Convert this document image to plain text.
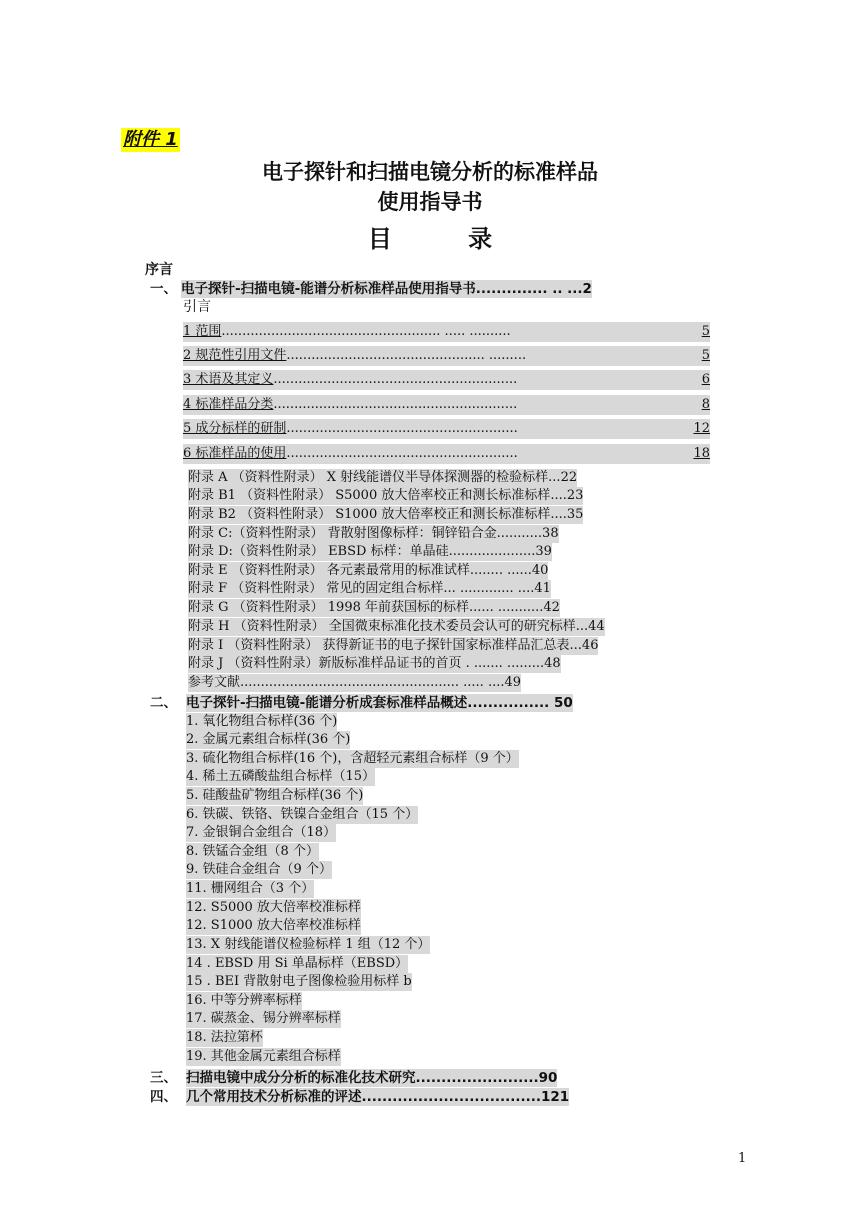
附件 1
电子探针和扫描电镜分析的标准样品
使用指导书
目 录
序言
一、 电子探针-扫描电镜-能谱分析标准样品使用指导书.............. .. ...2
引言
1 范围..................................................... ..... ..........	5
2 规范性引用文件................................................ .........	5
3 术语及其定义...........................................................	6
4 标准样品分类...........................................................	8
5 成分标样的研制........................................................	12
6 标准样品的使用........................................................	18
附录 A （资料性附录） X 射线能谱仪半导体探测器的检验标样...22
附录 B1 （资料性附录） S5000 放大倍率校正和测长标准标样....23
附录 B2 （资料性附录） S1000 放大倍率校正和测长标准标样....35
附录 C:（资料性附录） 背散射图像标样：铜锌铅合金...........38
附录 D:（资料性附录） EBSD 标样：单晶硅.....................39
附录 E （资料性附录） 各元素最常用的标准试样........ ......40
附录 F （资料性附录） 常见的固定组合标样... ............. ....41
附录 G （资料性附录） 1998 年前获国标的标样...... ...........42
附录 H （资料性附录） 全国微束标准化技术委员会认可的研究标样...44
附录 I （资料性附录） 获得新证书的电子探针国家标准样品汇总表...46
附录 J （资料性附录）新版标准样品证书的首页 . ....... .........48
参考文献..................................................... ..... ....49
二、 电子探针-扫描电镜-能谱分析成套标准样品概述................ 50
1. 氧化物组合标样(36 个)
2. 金属元素组合标样(36 个)
3. 硫化物组合标样(16 个)，含超轻元素组合标样（9 个）
4. 稀土五磷酸盐组合标样（15）
5. 硅酸盐矿物组合标样(36 个)
6. 铁碳、铁铬、铁镍合金组合（15 个）
7. 金银铜合金组合（18）
8. 铁锰合金组（8 个）
9. 铁硅合金组合（9 个）
11. 栅网组合（3 个）
12. S5000 放大倍率校准标样
12. S1000 放大倍率校准标样
13. X 射线能谱仪检验标样 1 组（12 个）
14 . EBSD 用 Si 单晶标样（EBSD）
15 . BEI 背散射电子图像检验用标样 b
16. 中等分辨率标样
17. 碳蒸金、锡分辨率标样
18. 法拉第杯
19. 其他金属元素组合标样
三、 扫描电镜中成分分析的标准化技术研究........................90
四、 几个常用技术分析标准的评述...................................121
1
